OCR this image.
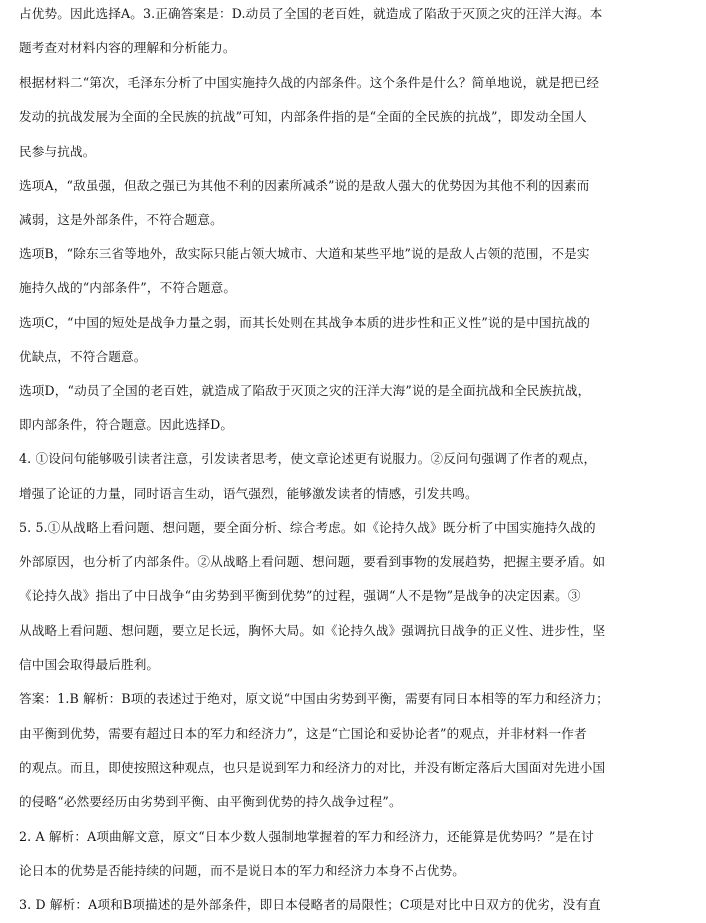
占优势。因此选择A。3.正确答案是：D.动员了全国的老百姓，就造成了陷敌于灭顶之灾的汪洋大海。本
题考查对材料内容的理解和分析能力。
根据材料二“第次，毛泽东分析了中国实施持久战的内部条件。这个条件是什么？简单地说，就是把已经
发动的抗战发展为全面的全民族的抗战”可知，内部条件指的是“全面的全民族的抗战”，即发动全国人
民参与抗战。
选项A，“敌虽强，但敌之强已为其他不利的因素所减杀”说的是敌人强大的优势因为其他不利的因素而
减弱，这是外部条件，不符合题意。
选项B，“除东三省等地外，敌实际只能占领大城市、大道和某些平地”说的是敌人占领的范围，不是实
施持久战的“内部条件”，不符合题意。
选项C，“中国的短处是战争力量之弱，而其长处则在其战争本质的进步性和正义性”说的是中国抗战的
优缺点，不符合题意。
选项D，“动员了全国的老百姓，就造成了陷敌于灭顶之灾的汪洋大海”说的是全面抗战和全民族抗战，
即内部条件，符合题意。因此选择D。
4. ①设问句能够吸引读者注意，引发读者思考，使文章论述更有说服力。②反问句强调了作者的观点，
增强了论证的力量，同时语言生动，语气强烈，能够激发读者的情感，引发共鸣。
5. 5.①从战略上看问题、想问题，要全面分析、综合考虑。如《论持久战》既分析了中国实施持久战的
外部原因，也分析了内部条件。②从战略上看问题、想问题，要看到事物的发展趋势，把握主要矛盾。如
《论持久战》指出了中日战争“由劣势到平衡到优势”的过程，强调“人不是物”是战争的决定因素。③
从战略上看问题、想问题，要立足长远，胸怀大局。如《论持久战》强调抗日战争的正义性、进步性，坚
信中国会取得最后胜利。
答案：1.B 解析：B项的表述过于绝对，原文说“中国由劣势到平衡，需要有同日本相等的军力和经济力；
由平衡到优势，需要有超过日本的军力和经济力”，这是“亡国论和妥协论者”的观点，并非材料一作者
的观点。而且，即使按照这种观点，也只是说到军力和经济力的对比，并没有断定落后大国面对先进小国
的侵略“必然要经历由劣势到平衡、由平衡到优势的持久战争过程”。
2. A 解析：A项曲解文意，原文“日本少数人强制地掌握着的军力和经济力，还能算是优势吗？”是在讨
论日本的优势是否能持续的问题，而不是说日本的军力和经济力本身不占优势。
3. D 解析：A项和B项描述的是外部条件，即日本侵略者的局限性；C项是对比中日双方的优劣，没有直
